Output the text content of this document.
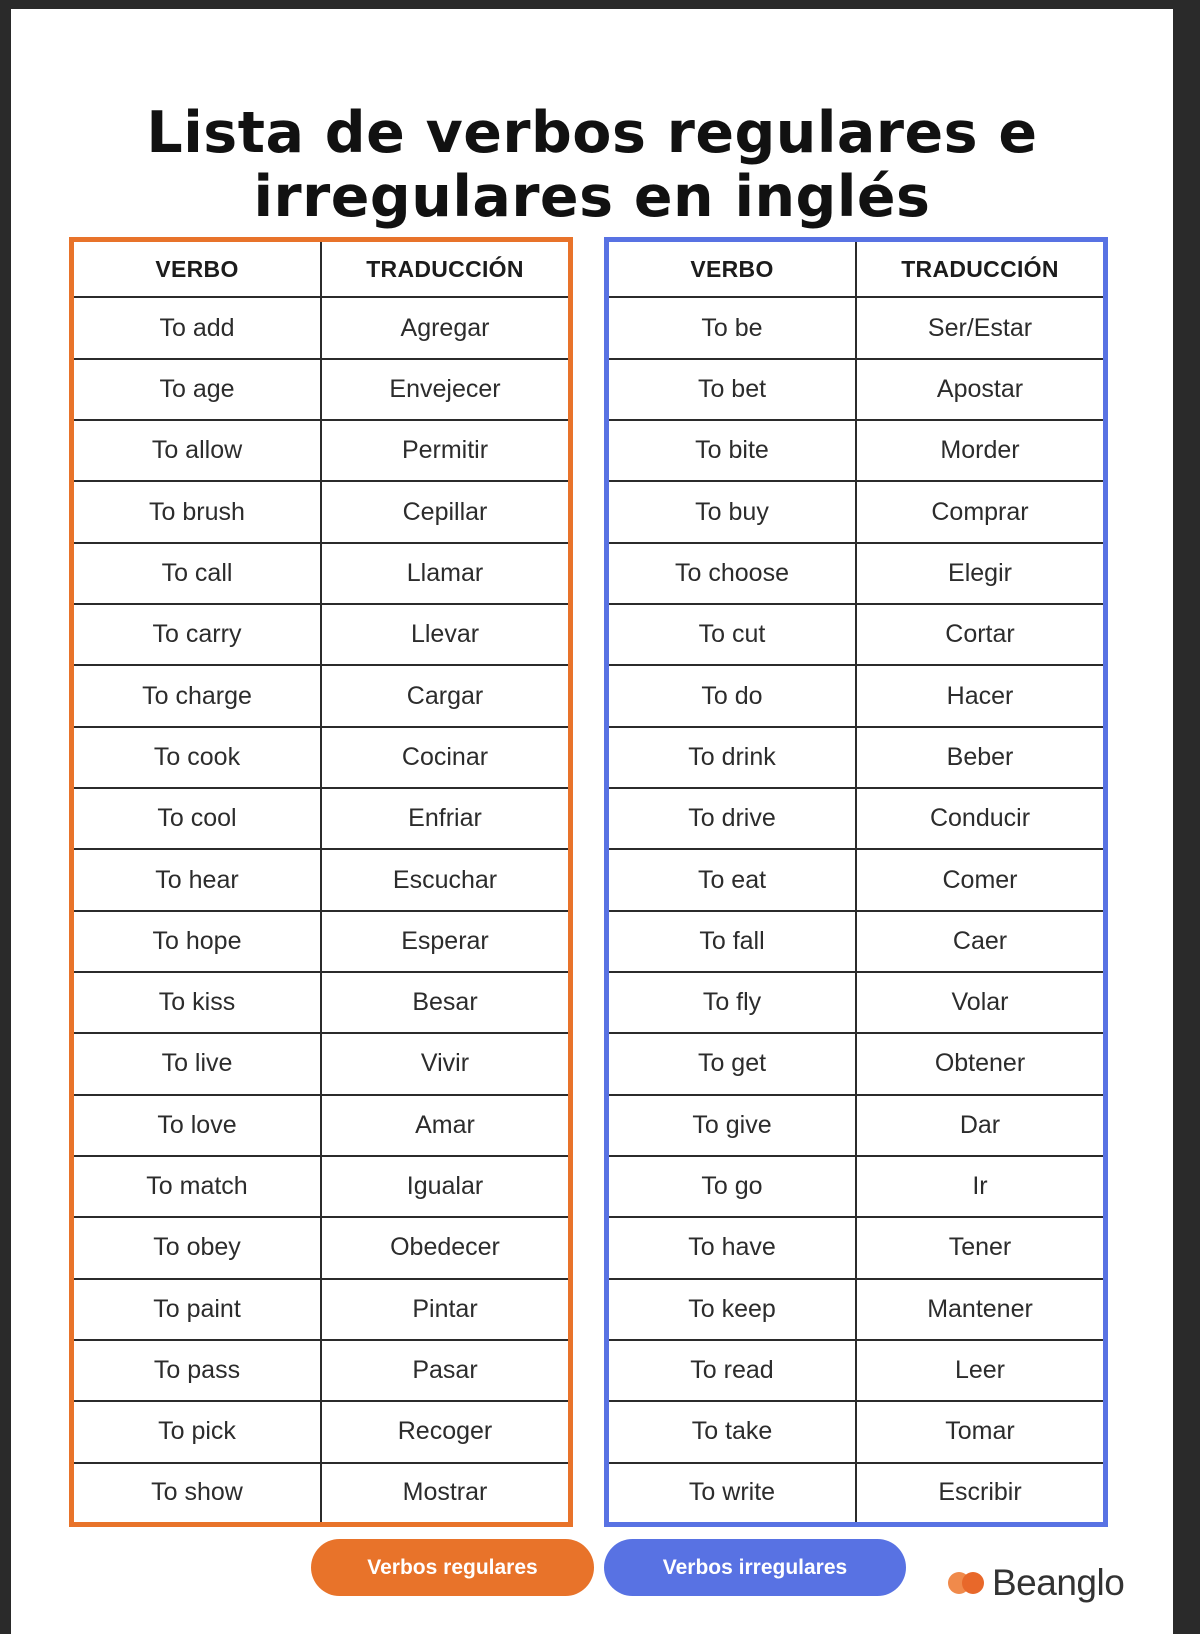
Lista de verbos regulares e
irregulares en inglés
VERBO	TRADUCCIÓN
To add	Agregar
To age	Envejecer
To allow	Permitir
To brush	Cepillar
To call	Llamar
To carry	Llevar
To charge	Cargar
To cook	Cocinar
To cool	Enfriar
To hear	Escuchar
To hope	Esperar
To kiss	Besar
To live	Vivir
To love	Amar
To match	Igualar
To obey	Obedecer
To paint	Pintar
To pass	Pasar
To pick	Recoger
To show	Mostrar
VERBO	TRADUCCIÓN
To be	Ser/Estar
To bet	Apostar
To bite	Morder
To buy	Comprar
To choose	Elegir
To cut	Cortar
To do	Hacer
To drink	Beber
To drive	Conducir
To eat	Comer
To fall	Caer
To fly	Volar
To get	Obtener
To give	Dar
To go	Ir
To have	Tener
To keep	Mantener
To read	Leer
To take	Tomar
To write	Escribir
Verbos regulares	Verbos irregulares	Beanglo
